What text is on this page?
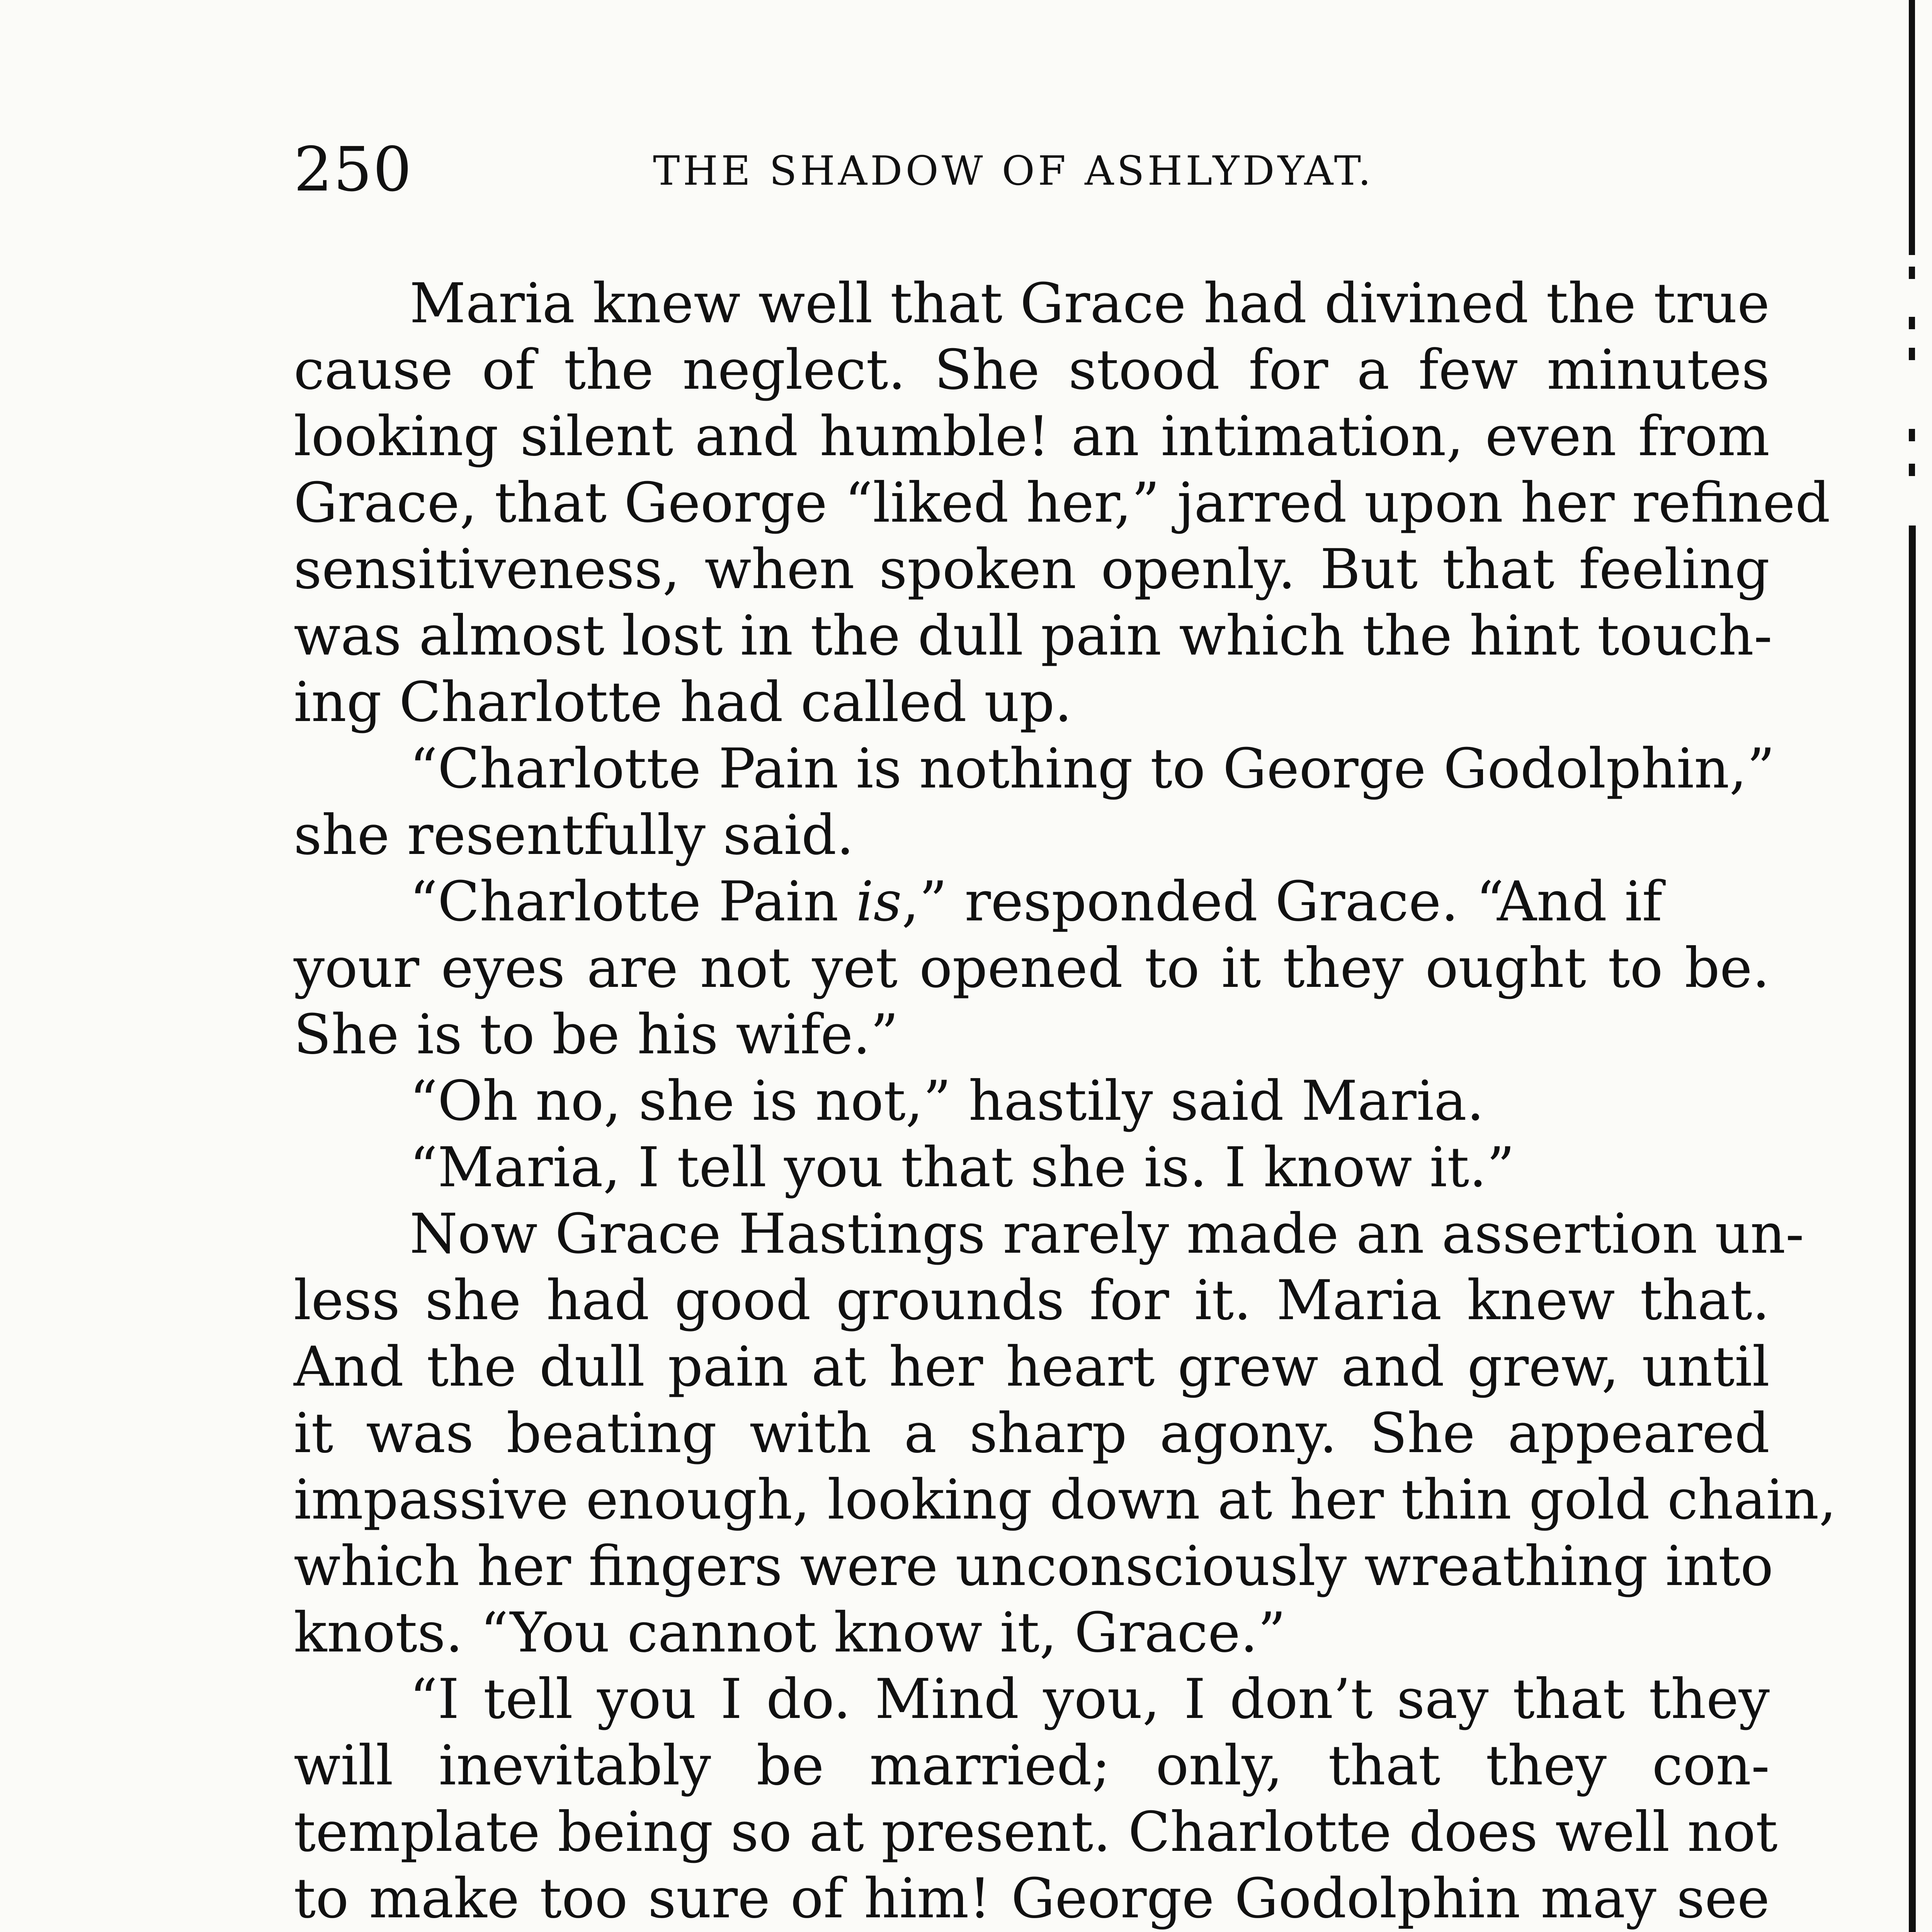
250	THE SHADOW OF ASHLYDYAT.
Maria knew well that Grace had divined the true
cause of the neglect. She stood for a few minutes
looking silent and humble! an intimation, even from
Grace, that George “liked her,” jarred upon her refined
sensitiveness, when spoken openly. But that feeling
was almost lost in the dull pain which the hint touch-
ing Charlotte had called up.
“Charlotte Pain is nothing to George Godolphin,”
she resentfully said.
“Charlotte Pain is,” responded Grace. “And if
your eyes are not yet opened to it they ought to be.
She is to be his wife.”
“Oh no, she is not,” hastily said Maria.
“Maria, I tell you that she is. I know it.”
Now Grace Hastings rarely made an assertion un-
less she had good grounds for it. Maria knew that.
And the dull pain at her heart grew and grew, until
it was beating with a sharp agony. She appeared
impassive enough, looking down at her thin gold chain,
which her fingers were unconsciously wreathing into
knots. “You cannot know it, Grace.”
“I tell you I do. Mind you, I don’t say that they
will inevitably be married; only, that they con-
template being so at present. Charlotte does well not
to make too sure of him! George Godolphin may see
